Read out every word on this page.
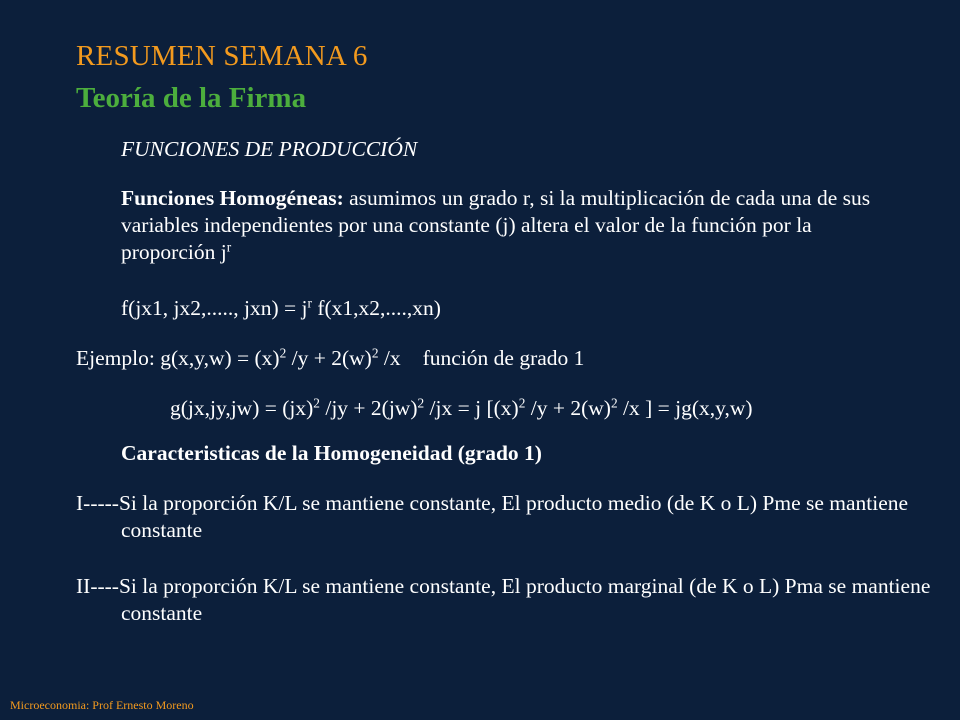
RESUMEN SEMANA 6
Teoría de la Firma
FUNCIONES DE PRODUCCIÓN
Funciones Homogéneas: asumimos un grado r, si la multiplicación de cada una de sus variables independientes por una constante (j) altera el valor de la función por la proporción $j^r$
f(jx1, jx2,....., $jxn) = j^r$ f(x1,x2,....,xn)
Ejemplo: $g(x,y,w) = (x)^2$ $/y + 2(w)^2$ /x función de grado 1
g(jx,jy,jw) = (jx)$^2$ /jy + 2(jw)$^2$ /jx = j [$(x)^2$ $/y + 2(w)^2$ /x ] = jg(x,y,w)
Caracteristicas de la Homogeneidad (grado 1)
I-----Si la proporción K/L se mantiene constante, El producto medio (de K o L) Pme se mantiene constante
II----Si la proporción K/L se mantiene constante, El producto marginal (de K o L) Pma se mantiene constante
Microeconomia: Prof Ernesto Moreno
